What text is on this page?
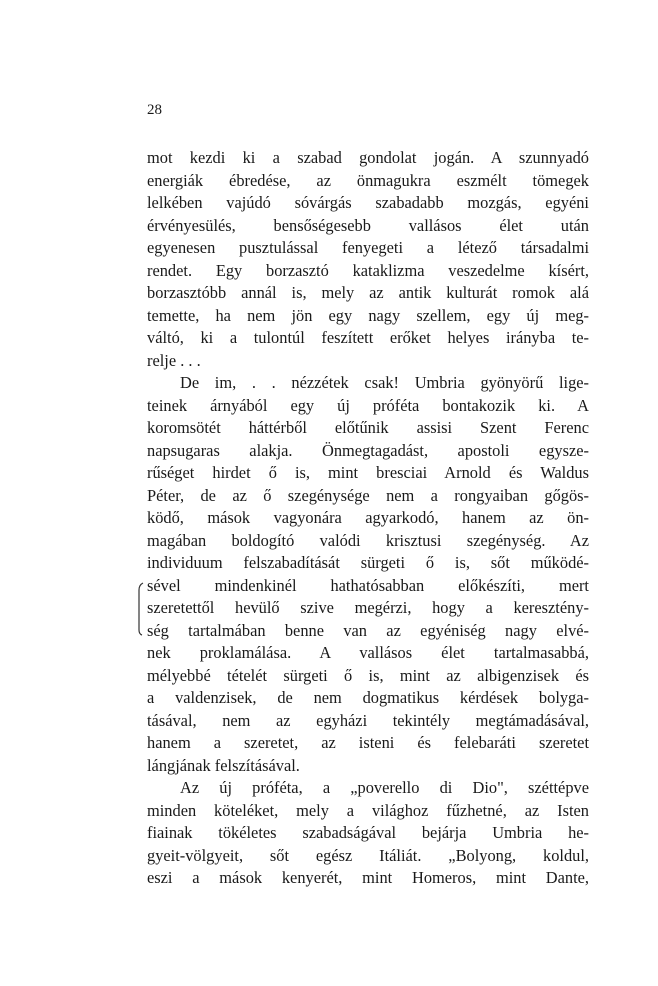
28
mot kezdi ki a szabad gondolat jogán. A szunnyadó
energiák ébredése, az önmagukra eszmélt tömegek
lelkében vajúdó sóvárgás szabadabb mozgás, egyéni
érvényesülés, bensőségesebb vallásos élet után
egyenesen pusztulással fenyegeti a létező társadalmi
rendet. Egy borzasztó kataklizma veszedelme kísért,
borzasztóbb annál is, mely az antik kulturát romok alá
temette, ha nem jön egy nagy szellem, egy új meg-
váltó, ki a tulontúl feszített erőket helyes irányba te-
relje . . .
De im, . . nézzétek csak! Umbria gyönyörű lige-
teinek árnyából egy új próféta bontakozik ki. A
koromsötét háttérből előtűnik assisi Szent Ferenc
napsugaras alakja. Önmegtagadást, apostoli egysze-
rűséget hirdet ő is, mint bresciai Arnold és Waldus
Péter, de az ő szegénysége nem a rongyaiban gőgös-
ködő, mások vagyonára agyarkodó, hanem az ön-
magában boldogító valódi krisztusi szegénység. Az
individuum felszabadítását sürgeti ő is, sőt működé-
sével mindenkinél hathatósabban előkészíti, mert
szeretettől hevülő szive megérzi, hogy a keresztény-
ség tartalmában benne van az egyéniség nagy elvé-
nek proklamálása. A vallásos élet tartalmasabbá,
mélyebbé tételét sürgeti ő is, mint az albigenzisek és
a valdenzisek, de nem dogmatikus kérdések bolyga-
tásával, nem az egyházi tekintély megtámadásával,
hanem a szeretet, az isteni és felebaráti szeretet
lángjának felszításával.
Az új próféta, a „poverello di Dio", széttépve
minden köteléket, mely a világhoz fűzhetné, az Isten
fiainak tökéletes szabadságával bejárja Umbria he-
gyeit-völgyeit, sőt egész Itáliát. „Bolyong, koldul,
eszi a mások kenyerét, mint Homeros, mint Dante,
